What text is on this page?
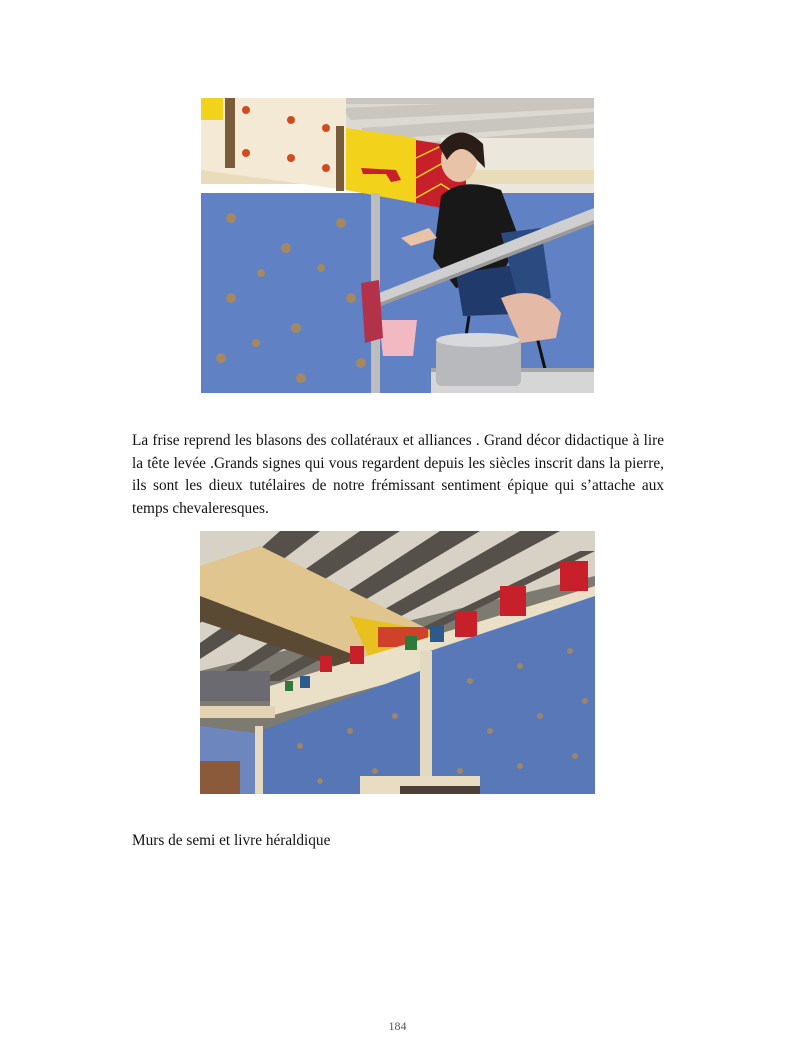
La frise reprend les blasons des collatéraux et alliances . Grand décor didactique à lire la tête levée .Grands signes qui vous regardent depuis les siècles inscrit dans la pierre, ils sont les dieux tutélaires de notre frémissant sentiment épique qui s’attache aux temps chevaleresques.

Murs de semi et livre héraldique

184
